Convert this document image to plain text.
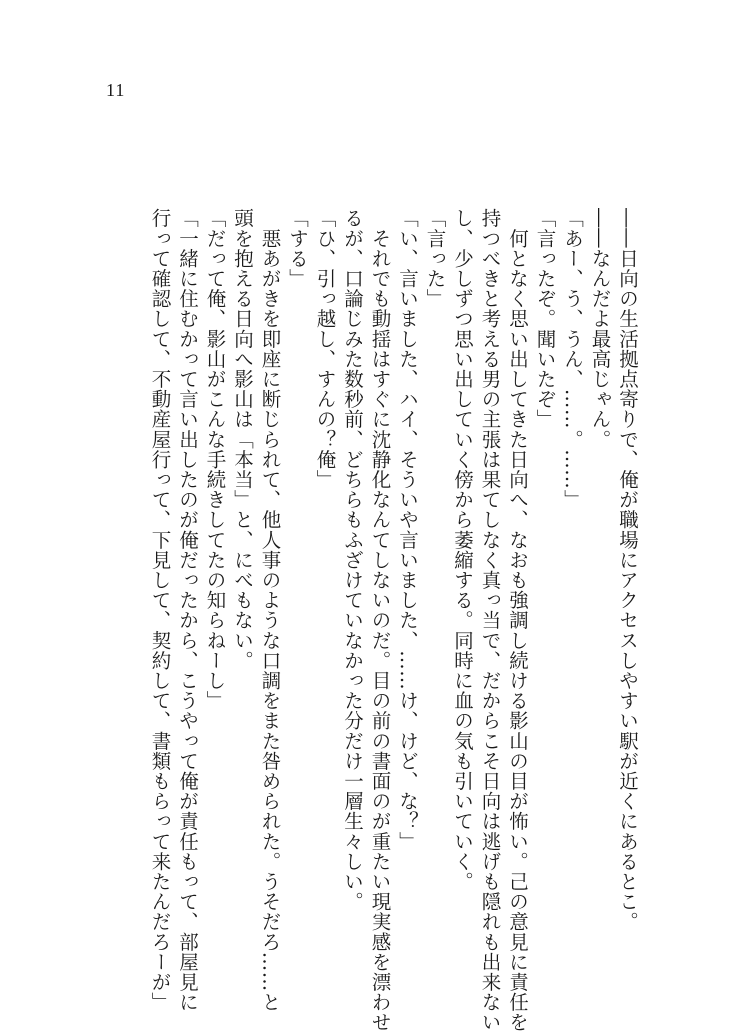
11
――日向の生活拠点寄りで、俺が職場にアクセスしやすい駅が近くにあるとこ。
――なんだよ最高じゃん。
「あー、う、うん、……。……」
「言ったぞ。聞いたぞ」
　何となく思い出してきた日向へ、なおも強調し続ける影山の目が怖い。己の意見に責任を
持つべきと考える男の主張は果てしなく真っ当で、だからこそ日向は逃げも隠れも出来ない
し、少しずつ思い出していく傍から萎縮する。同時に血の気も引いていく。
「言った」
「い、言いました、ハイ、そういや言いました、……け、けど、な？」
　それでも動揺はすぐに沈静化なんてしないのだ。目の前の書面のが重たい現実感を漂わせ
るが、口論じみた数秒前、どちらもふざけていなかった分だけ一層生々しい。
「ひ、引っ越し、すんの？俺」
「する」
　悪あがきを即座に断じられて、他人事のような口調をまた咎められた。うそだろ……と
頭を抱える日向へ影山は「本当」と、にべもない。
「だって俺、影山がこんな手続きしてたの知らねーし」
「一緒に住むかって言い出したのが俺だったから、こうやって俺が責任もって、部屋見に
行って確認して、不動産屋行って、下見して、契約して、書類もらって来たんだろーが」
